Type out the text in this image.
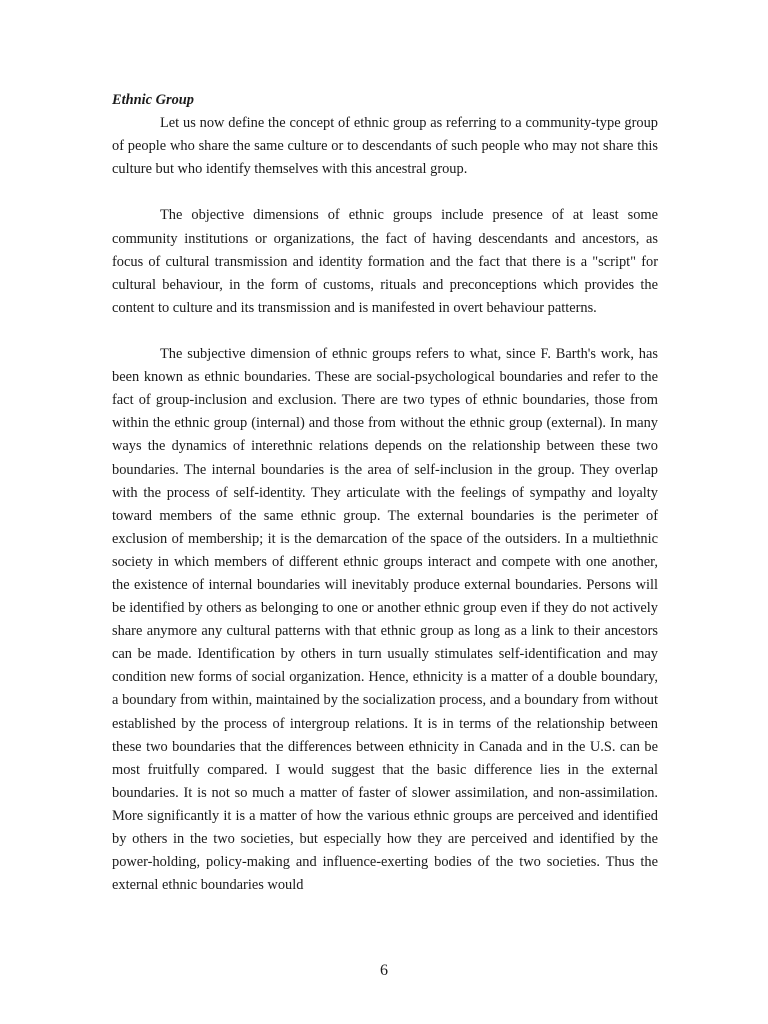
Ethnic Group

Let us now define the concept of ethnic group as referring to a community-type group of people who share the same culture or to descendants of such people who may not share this culture but who identify themselves with this ancestral group.

The objective dimensions of ethnic groups include presence of at least some community institutions or organizations, the fact of having descendants and ancestors, as focus of cultural transmission and identity formation and the fact that there is a "script" for cultural behaviour, in the form of customs, rituals and preconceptions which provides the content to culture and its transmission and is manifested in overt behaviour patterns.

The subjective dimension of ethnic groups refers to what, since F. Barth's work, has been known as ethnic boundaries. These are social-psychological boundaries and refer to the fact of group-inclusion and exclusion. There are two types of ethnic boundaries, those from within the ethnic group (internal) and those from without the ethnic group (external). In many ways the dynamics of interethnic relations depends on the relationship between these two boundaries. The internal boundaries is the area of self-inclusion in the group. They overlap with the process of self-identity. They articulate with the feelings of sympathy and loyalty toward members of the same ethnic group. The external boundaries is the perimeter of exclusion of membership; it is the demarcation of the space of the outsiders. In a multiethnic society in which members of different ethnic groups interact and compete with one another, the existence of internal boundaries will inevitably produce external boundaries. Persons will be identified by others as belonging to one or another ethnic group even if they do not actively share anymore any cultural patterns with that ethnic group as long as a link to their ancestors can be made. Identification by others in turn usually stimulates self-identification and may condition new forms of social organization. Hence, ethnicity is a matter of a double boundary, a boundary from within, maintained by the socialization process, and a boundary from without established by the process of intergroup relations. It is in terms of the relationship between these two boundaries that the differences between ethnicity in Canada and in the U.S. can be most fruitfully compared. I would suggest that the basic difference lies in the external boundaries. It is not so much a matter of faster of slower assimilation, and non-assimilation. More significantly it is a matter of how the various ethnic groups are perceived and identified by others in the two societies, but especially how they are perceived and identified by the power-holding, policy-making and influence-exerting bodies of the two societies. Thus the external ethnic boundaries would

6
